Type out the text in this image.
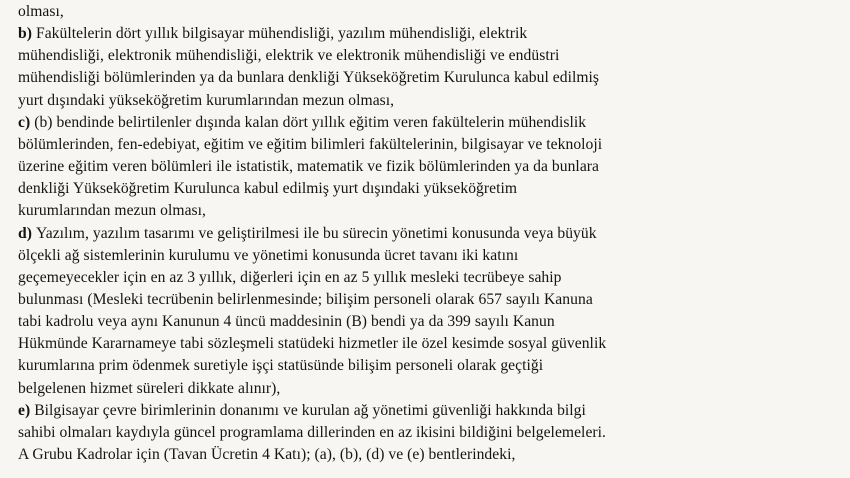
olması,
b) Fakültelerin dört yıllık bilgisayar mühendisliği, yazılım mühendisliği, elektrik
mühendisliği, elektronik mühendisliği, elektrik ve elektronik mühendisliği ve endüstri
mühendisliği bölümlerinden ya da bunlara denkliği Yükseköğretim Kurulunca kabul edilmiş
yurt dışındaki yükseköğretim kurumlarından mezun olması,
c) (b) bendinde belirtilenler dışında kalan dört yıllık eğitim veren fakültelerin mühendislik
bölümlerinden, fen-edebiyat, eğitim ve eğitim bilimleri fakültelerinin, bilgisayar ve teknoloji
üzerine eğitim veren bölümleri ile istatistik, matematik ve fizik bölümlerinden ya da bunlara
denkliği Yükseköğretim Kurulunca kabul edilmiş yurt dışındaki yükseköğretim
kurumlarından mezun olması,
d) Yazılım, yazılım tasarımı ve geliştirilmesi ile bu sürecin yönetimi konusunda veya büyük
ölçekli ağ sistemlerinin kurulumu ve yönetimi konusunda ücret tavanı iki katını
geçemeyecekler için en az 3 yıllık, diğerleri için en az 5 yıllık mesleki tecrübeye sahip
bulunması (Mesleki tecrübenin belirlenmesinde; bilişim personeli olarak 657 sayılı Kanuna
tabi kadrolu veya aynı Kanunun 4 üncü maddesinin (B) bendi ya da 399 sayılı Kanun
Hükmünde Kararnameye tabi sözleşmeli statüdeki hizmetler ile özel kesimde sosyal güvenlik
kurumlarına prim ödenmek suretiyle işçi statüsünde bilişim personeli olarak geçtiği
belgelenen hizmet süreleri dikkate alınır),
e) Bilgisayar çevre birimlerinin donanımı ve kurulan ağ yönetimi güvenliği hakkında bilgi
sahibi olmaları kaydıyla güncel programlama dillerinden en az ikisini bildiğini belgelemeleri.
A Grubu Kadrolar için (Tavan Ücretin 4 Katı); (a), (b), (d) ve (e) bentlerindeki,
